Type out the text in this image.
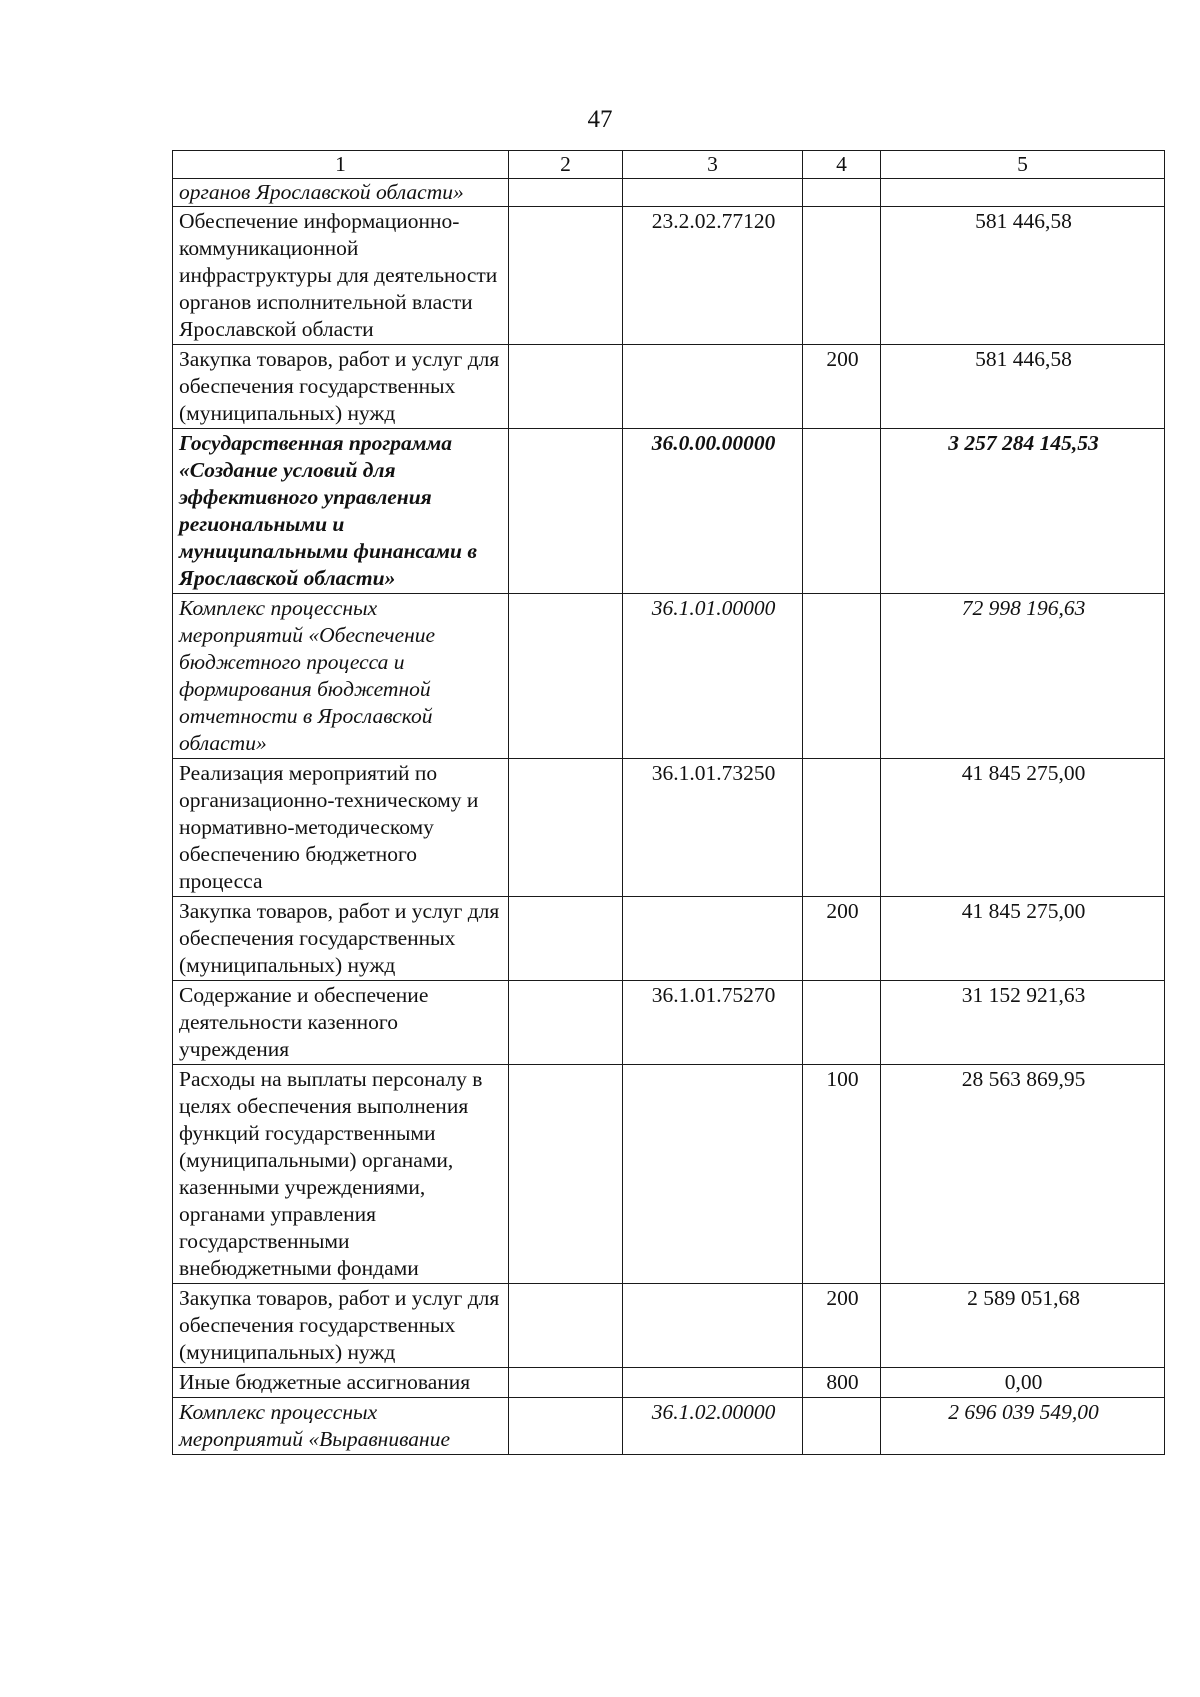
47
1	2	3	4	5
органов Ярославской области»				
Обеспечение информационно-коммуникационной инфраструктуры для деятельности органов исполнительной власти Ярославской области		23.2.02.77120		581 446,58
Закупка товаров, работ и услуг для обеспечения государственных (муниципальных) нужд			200	581 446,58
Государственная программа «Создание условий для эффективного управления региональными и муниципальными финансами в Ярославской области»		36.0.00.00000		3 257 284 145,53
Комплекс процессных мероприятий «Обеспечение бюджетного процесса и формирования бюджетной отчетности в Ярославской области»		36.1.01.00000		72 998 196,63
Реализация мероприятий по организационно-техническому и нормативно-методическому обеспечению бюджетного процесса		36.1.01.73250		41 845 275,00
Закупка товаров, работ и услуг для обеспечения государственных (муниципальных) нужд			200	41 845 275,00
Содержание и обеспечение деятельности казенного учреждения		36.1.01.75270		31 152 921,63
Расходы на выплаты персоналу в целях обеспечения выполнения функций государственными (муниципальными) органами, казенными учреждениями, органами управления государственными внебюджетными фондами			100	28 563 869,95
Закупка товаров, работ и услуг для обеспечения государственных (муниципальных) нужд			200	2 589 051,68
Иные бюджетные ассигнования			800	0,00
Комплекс процессных мероприятий «Выравнивание		36.1.02.00000		2 696 039 549,00
